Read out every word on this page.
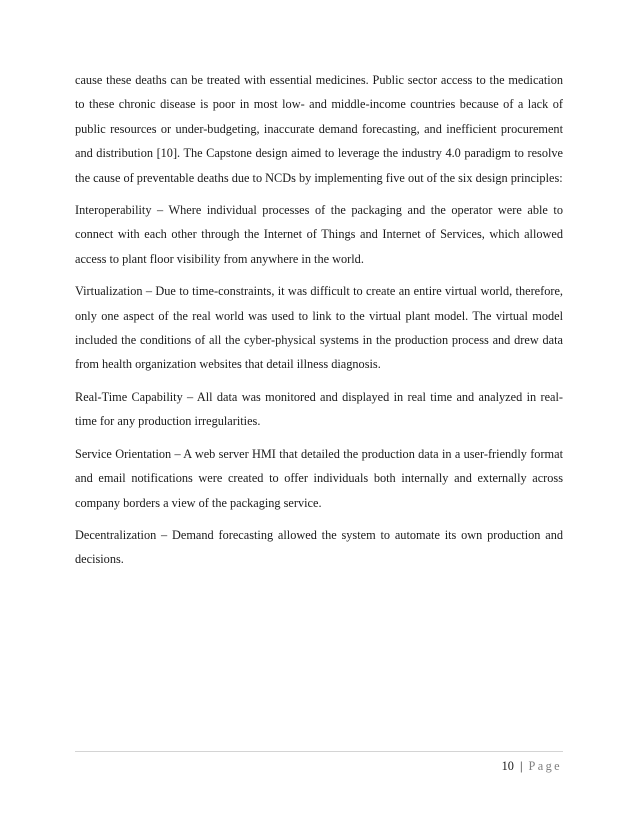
cause these deaths can be treated with essential medicines. Public sector access to the medication to these chronic disease is poor in most low- and middle-income countries because of a lack of public resources or under-budgeting, inaccurate demand forecasting, and inefficient procurement and distribution [10]. The Capstone design aimed to leverage the industry 4.0 paradigm to resolve the cause of preventable deaths due to NCDs by implementing five out of the six design principles:

Interoperability – Where individual processes of the packaging and the operator were able to connect with each other through the Internet of Things and Internet of Services, which allowed access to plant floor visibility from anywhere in the world.

Virtualization – Due to time-constraints, it was difficult to create an entire virtual world, therefore, only one aspect of the real world was used to link to the virtual plant model. The virtual model included the conditions of all the cyber-physical systems in the production process and drew data from health organization websites that detail illness diagnosis.

Real-Time Capability – All data was monitored and displayed in real time and analyzed in real-time for any production irregularities.

Service Orientation – A web server HMI that detailed the production data in a user-friendly format and email notifications were created to offer individuals both internally and externally across company borders a view of the packaging service.

Decentralization – Demand forecasting allowed the system to automate its own production and decisions.

10 | Page
